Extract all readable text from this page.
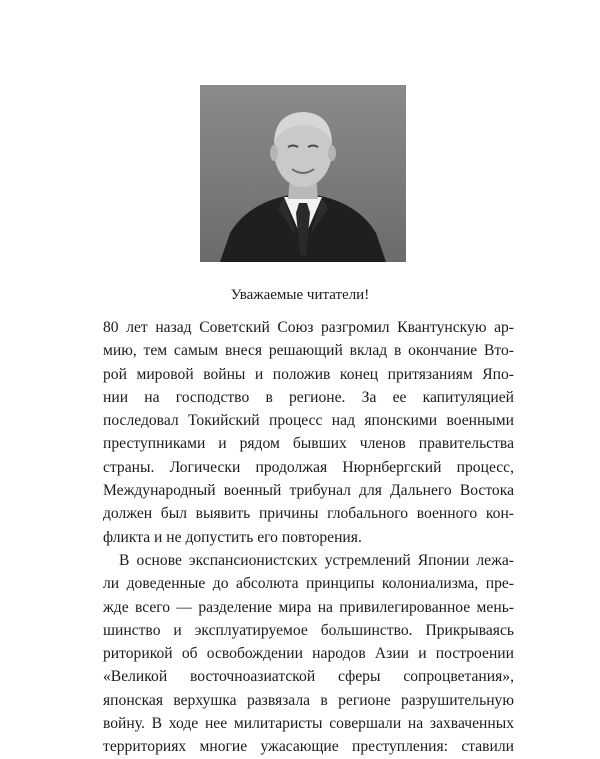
Уважаемые читатели!
80 лет назад Советский Союз разгромил Квантунскую ар-
мию, тем самым внеся решающий вклад в окончание Вто-
рой мировой войны и положив конец притязаниям Япо-
нии на господство в регионе. За ее капитуляцией
последовал Токийский процесс над японскими военными
преступниками и рядом бывших членов правительства
страны. Логически продолжая Нюрнбергский процесс,
Международный военный трибунал для Дальнего Востока
должен был выявить причины глобального военного кон-
фликта и не допустить его повторения.
В основе экспансионистских устремлений Японии лежа-
ли доведенные до абсолюта принципы колониализма, пре-
жде всего — разделение мира на привилегированное мень-
шинство и эксплуатируемое большинство. Прикрываясь
риторикой об освобождении народов Азии и построении
«Великой восточноазиатской сферы сопроцветания»,
японская верхушка развязала в регионе разрушительную
войну. В ходе нее милитаристы совершали на захваченных
территориях многие ужасающие преступления: ставили
